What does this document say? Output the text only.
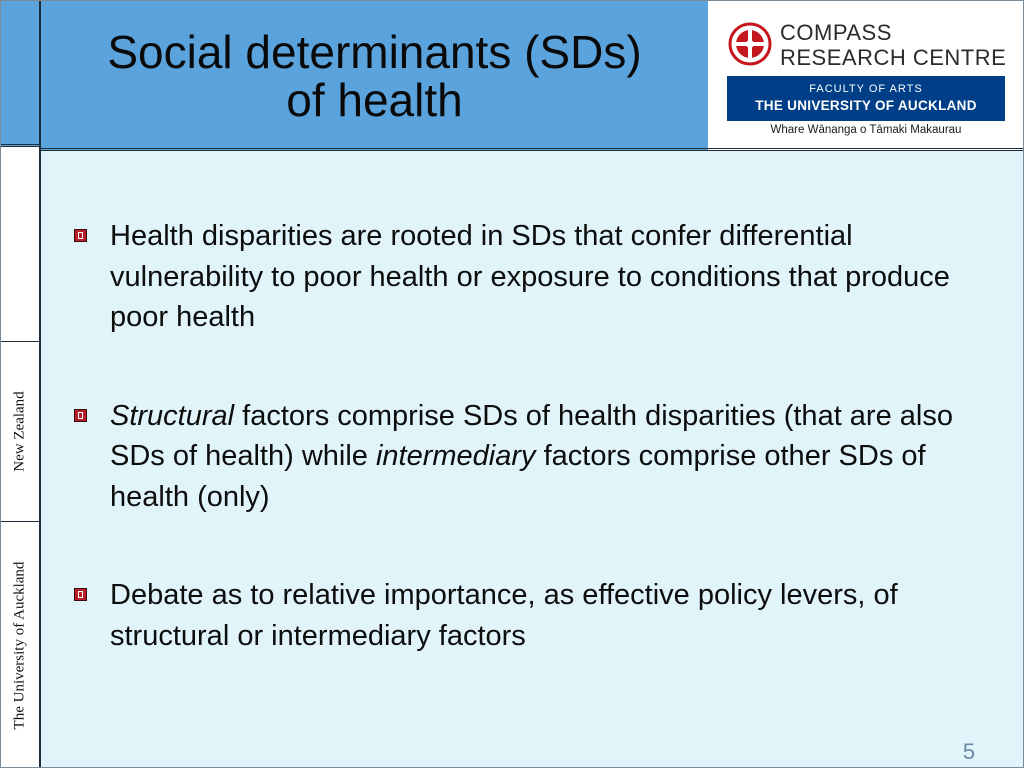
New Zealand
The University of Auckland
Social determinants (SDs)
of health
COMPASS
RESEARCH CENTRE
FACULTY OF ARTS
THE UNIVERSITY OF AUCKLAND
Whare Wānanga o Tāmaki Makaurau
Health disparities are rooted in SDs that confer differential vulnerability to poor health or exposure to conditions that produce poor health
Structural factors comprise SDs of health disparities (that are also SDs of health) while intermediary factors comprise other SDs of health (only)
Debate as to relative importance, as effective policy levers, of structural or intermediary factors
5
